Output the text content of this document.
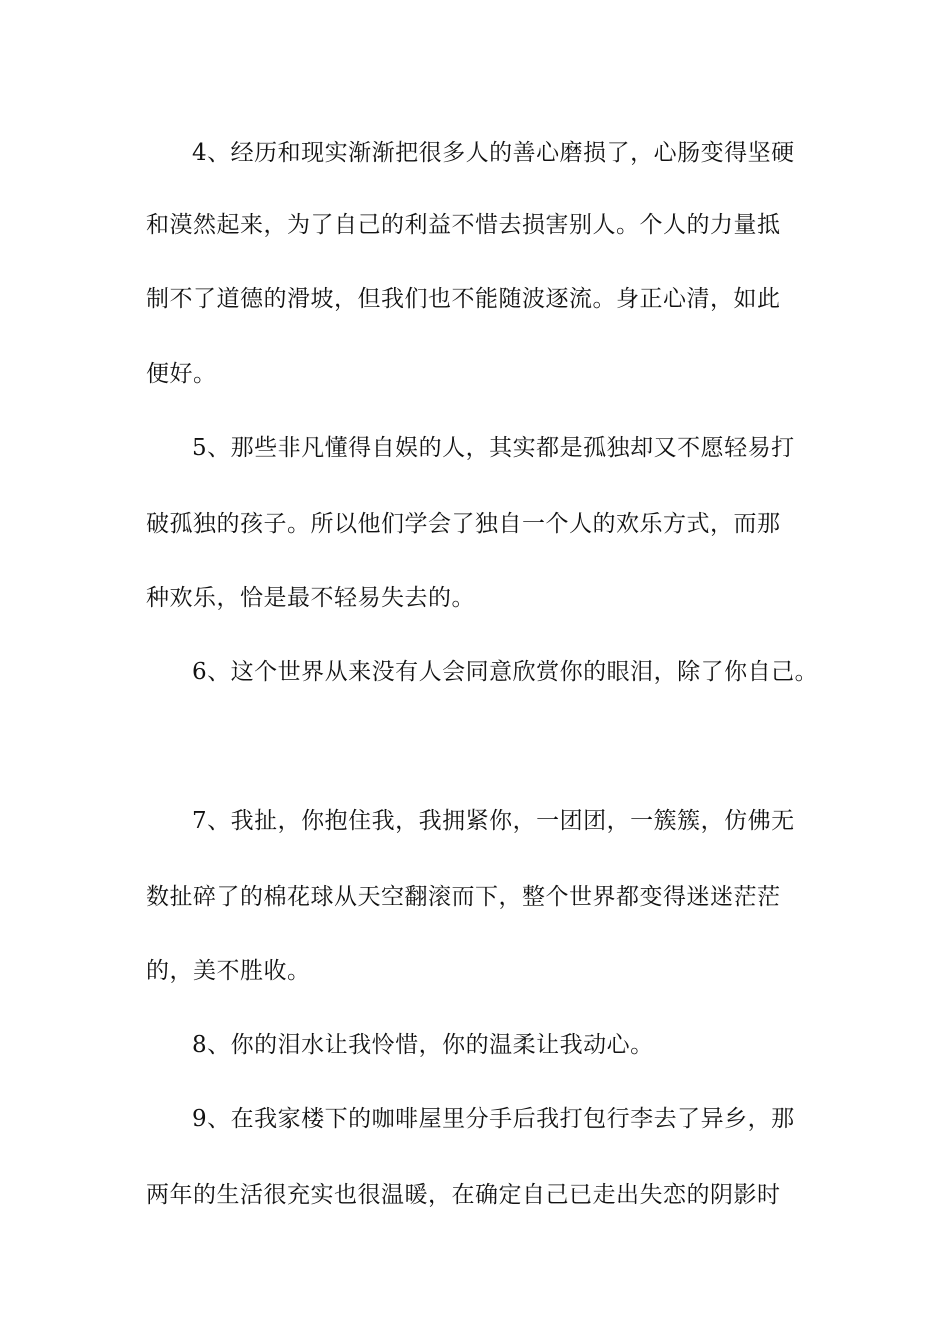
4、经历和现实渐渐把很多人的善心磨损了，心肠变得坚硬
和漠然起来，为了自己的利益不惜去损害别人。个人的力量抵
制不了道德的滑坡，但我们也不能随波逐流。身正心清，如此
便好。
5、那些非凡懂得自娱的人，其实都是孤独却又不愿轻易打
破孤独的孩子。所以他们学会了独自一个人的欢乐方式，而那
种欢乐，恰是最不轻易失去的。
6、这个世界从来没有人会同意欣赏你的眼泪，除了你自己。
7、我扯，你抱住我，我拥紧你，一团团，一簇簇，仿佛无
数扯碎了的棉花球从天空翻滚而下，整个世界都变得迷迷茫茫
的，美不胜收。
8、你的泪水让我怜惜，你的温柔让我动心。
9、在我家楼下的咖啡屋里分手后我打包行李去了异乡，那
两年的生活很充实也很温暖，在确定自己已走出失恋的阴影时
